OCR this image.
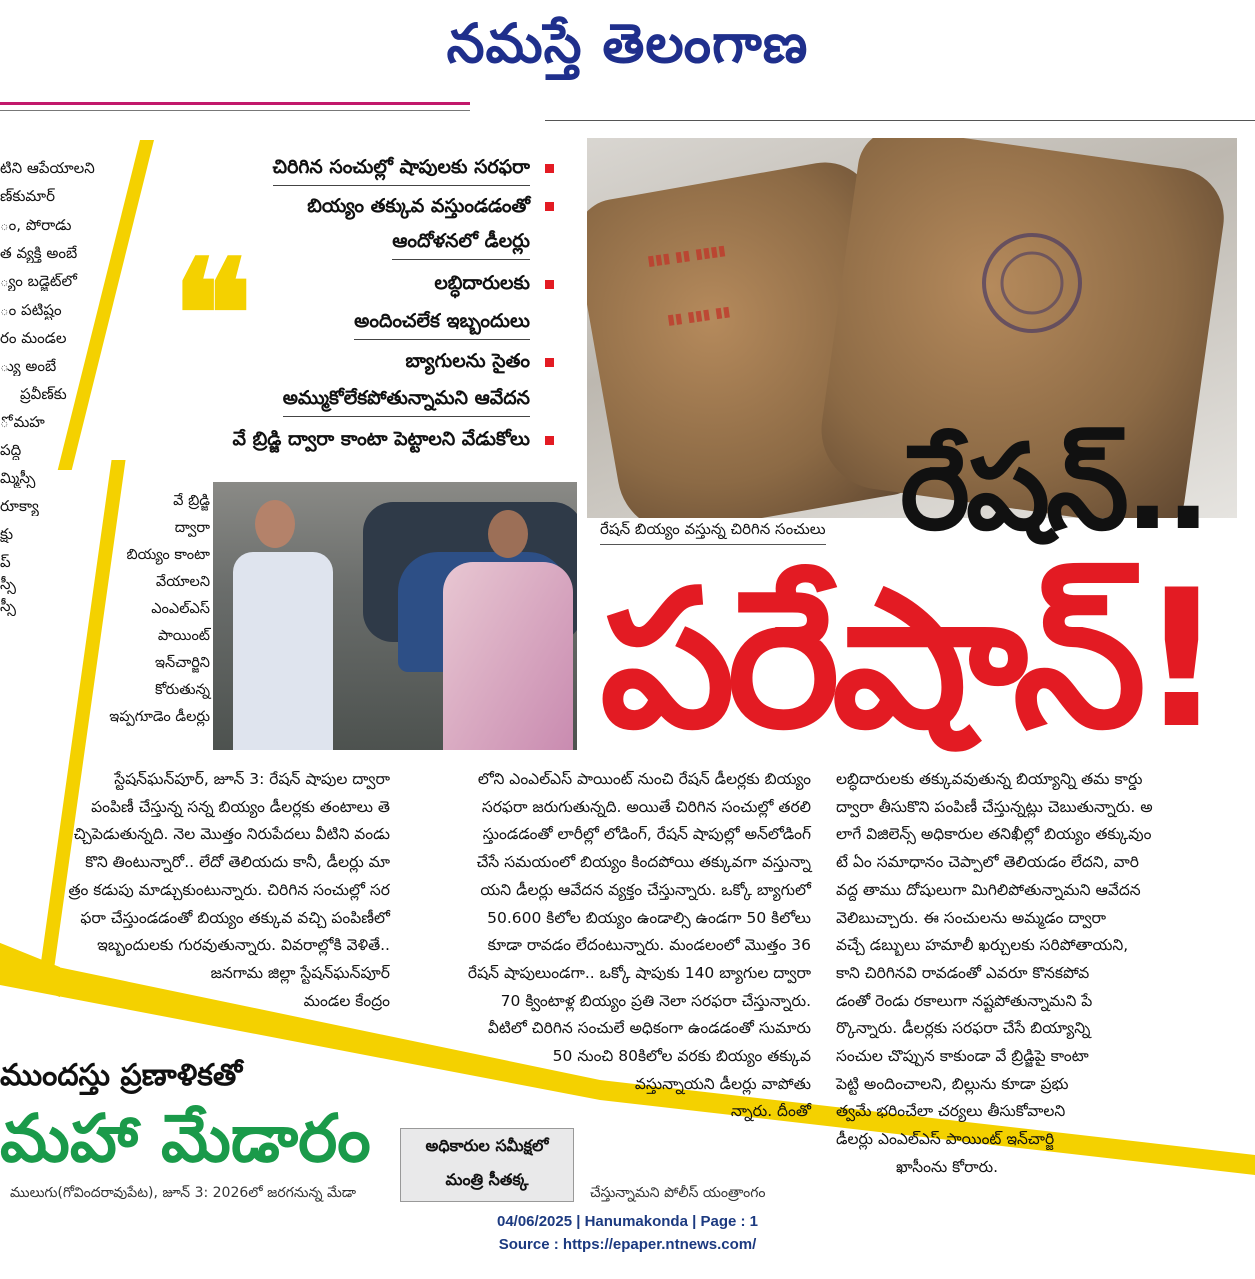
నమస్తే తెలంగాణ
టిని ఆపేయాలని
ణ్‌కుమార్
ం, పోరాడు
త వ్యక్తి అంబే
్యం బడ్జెట్‌లో
ం పటిష్టం
రం మండల
్యు అంబే
ప్రవీణ్‌కు
ో మహ
పద్ధి
మ్మిస్సీ
రూక్యా
క్షు
ప్
స్సీ
స్సీ
చిరిగిన సంచుల్లో షాపులకు సరఫరా
బియ్యం తక్కువ వస్తుండడంతో
ఆందోళనలో డీలర్లు
లబ్ధిదారులకు
అందించలేక ఇబ్బందులు
బ్యాగులను సైతం
అమ్ముకోలేకపోతున్నామని ఆవేదన
వే బ్రిడ్జి ద్వారా కాంటా పెట్టాలని వేడుకోలు
❝	▮▮▮ ▮▮ ▮▮▮▮
▮▮ ▮▮▮ ▮▮
రేషన్‌ బియ్యం వస్తున్న చిరిగిన సంచులు
వే బ్రిడ్జి
ద్వారా
బియ్యం కాంటా
వేయాలని
ఎంఎల్‌ఎస్‌
పాయింట్‌
ఇన్‌చార్జిని
కోరుతున్న
ఇప్పగూడెం డీలర్లు
రేషన్‌..
పరేషాన్‌!
స్టేషన్‌ఘన్‌పూర్‌, జూన్‌ 3: రేషన్‌ షాపుల ద్వారా
పంపిణీ చేస్తున్న సన్న బియ్యం డీలర్లకు తంటాలు తె
చ్చిపెడుతున్నది. నెల మొత్తం నిరుపేదలు వీటిని వండు
కొని తింటున్నారో.. లేదో తెలియదు కానీ, డీలర్లు మా
త్రం కడుపు మాడ్చుకుంటున్నారు. చిరిగిన సంచుల్లో సర
ఫరా చేస్తుండడంతో బియ్యం తక్కువ వచ్చి పంపిణీలో
ఇబ్బందులకు గురవుతున్నారు. వివరాల్లోకి వెళితే..
జనగామ జిల్లా స్టేషన్‌ఘన్‌పూర్‌
మండల కేంద్రం
లోని ఎంఎల్‌ఎస్‌ పాయింట్‌ నుంచి రేషన్‌ డీలర్లకు బియ్యం
సరఫరా జరుగుతున్నది. అయితే చిరిగిన సంచుల్లో తరలి
స్తుండడంతో లారీల్లో లోడింగ్‌, రేషన్‌ షాపుల్లో అన్‌లోడింగ్‌
చేసే సమయంలో బియ్యం కిందపోయి తక్కువగా వస్తున్నా
యని డీలర్లు ఆవేదన వ్యక్తం చేస్తున్నారు. ఒక్కో బ్యాగులో
50.600 కిలోల బియ్యం ఉండాల్సి ఉండగా 50 కిలోలు
కూడా రావడం లేదంటున్నారు. మండలంలో మొత్తం 36
రేషన్‌ షాపులుండగా.. ఒక్కో షాపుకు 140 బ్యాగుల ద్వారా
70 క్వింటాళ్ల బియ్యం ప్రతి నెలా సరఫరా చేస్తున్నారు.
వీటిలో చిరిగిన సంచులే అధికంగా ఉండడంతో సుమారు
50 నుంచి 80కిలోల వరకు బియ్యం తక్కువ
వస్తున్నాయని డీలర్లు వాపోతు
న్నారు. దీంతో
లబ్ధిదారులకు తక్కువవుతున్న బియ్యాన్ని తమ కార్డు
ద్వారా తీసుకొని పంపిణీ చేస్తున్నట్లు చెబుతున్నారు. అ
లాగే విజిలెన్స్‌ అధికారుల తనిఖీల్లో బియ్యం తక్కువుం
టే ఏం సమాధానం చెప్పాలో తెలియడం లేదని, వారి
వద్ద తాము దోషులుగా మిగిలిపోతున్నామని ఆవేదన
వెలిబుచ్చారు. ఈ సంచులను అమ్మడం ద్వారా
వచ్చే డబ్బులు హమాలీ ఖర్చులకు సరిపోతాయని,
కాని చిరిగినవి రావడంతో ఎవరూ కొనకపోవ
డంతో రెండు రకాలుగా నష్టపోతున్నామని పే
ర్కొన్నారు. డీలర్లకు సరఫరా చేసే బియ్యాన్ని
సంచుల చొప్పున కాకుండా వే బ్రిడ్జిపై కాంటా
పెట్టి అందించాలని, బిల్లును కూడా ప్రభు
త్వమే భరించేలా చర్యలు తీసుకోవాలని
డీలర్లు ఎంఎల్‌ఎస్‌ పాయింట్‌ ఇన్‌చార్జి
ఖాసీంను కోరారు.
ముందస్తు ప్రణాళికతో
మహా మేడారం
ములుగు(గోవిందరావుపేట), జూన్‌ 3: 2026లో జరగనున్న మేడా
అధికారుల సమీక్షలో
మంత్రి సీతక్క
చేస్తున్నామని పోలీస్‌ యంత్రాంగం
04/06/2025 | Hanumakonda | Page : 1
Source : https://epaper.ntnews.com/
